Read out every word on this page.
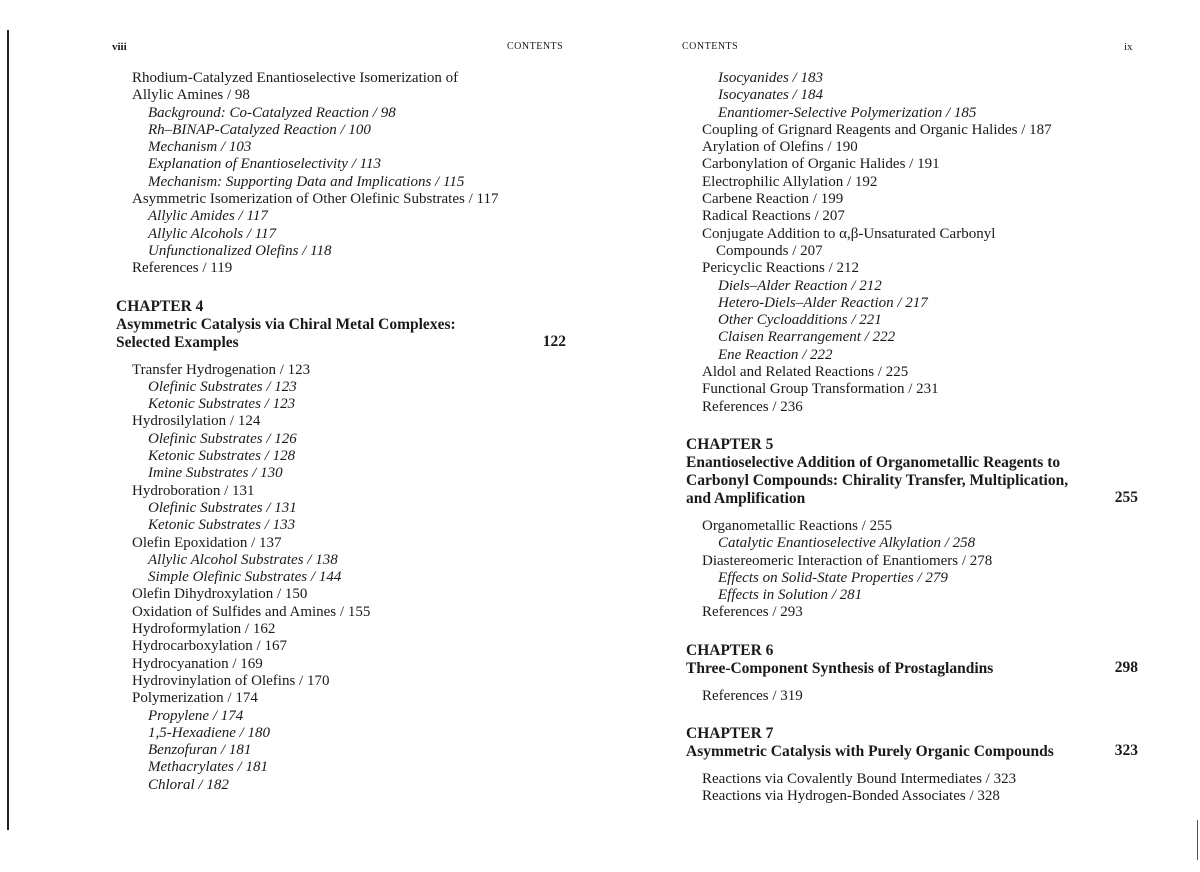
viii	CONTENTS
Rhodium-Catalyzed Enantioselective Isomerization of
Allylic Amines / 98
Background: Co-Catalyzed Reaction / 98
Rh–BINAP-Catalyzed Reaction / 100
Mechanism / 103
Explanation of Enantioselectivity / 113
Mechanism: Supporting Data and Implications / 115
Asymmetric Isomerization of Other Olefinic Substrates / 117
Allylic Amides / 117
Allylic Alcohols / 117
Unfunctionalized Olefins / 118
References / 119
CHAPTER 4
Asymmetric Catalysis via Chiral Metal Complexes:
Selected Examples	122
Transfer Hydrogenation / 123
Olefinic Substrates / 123
Ketonic Substrates / 123
Hydrosilylation / 124
Olefinic Substrates / 126
Ketonic Substrates / 128
Imine Substrates / 130
Hydroboration / 131
Olefinic Substrates / 131
Ketonic Substrates / 133
Olefin Epoxidation / 137
Allylic Alcohol Substrates / 138
Simple Olefinic Substrates / 144
Olefin Dihydroxylation / 150
Oxidation of Sulfides and Amines / 155
Hydroformylation / 162
Hydrocarboxylation / 167
Hydrocyanation / 169
Hydrovinylation of Olefins / 170
Polymerization / 174
Propylene / 174
1,5-Hexadiene / 180
Benzofuran / 181
Methacrylates / 181
Chloral / 182
CONTENTS	ix
Isocyanides / 183
Isocyanates / 184
Enantiomer-Selective Polymerization / 185
Coupling of Grignard Reagents and Organic Halides / 187
Arylation of Olefins / 190
Carbonylation of Organic Halides / 191
Electrophilic Allylation / 192
Carbene Reaction / 199
Radical Reactions / 207
Conjugate Addition to α,β-Unsaturated Carbonyl
Compounds / 207
Pericyclic Reactions / 212
Diels–Alder Reaction / 212
Hetero-Diels–Alder Reaction / 217
Other Cycloadditions / 221
Claisen Rearrangement / 222
Ene Reaction / 222
Aldol and Related Reactions / 225
Functional Group Transformation / 231
References / 236
CHAPTER 5
Enantioselective Addition of Organometallic Reagents to
Carbonyl Compounds: Chirality Transfer, Multiplication,
and Amplification	255
Organometallic Reactions / 255
Catalytic Enantioselective Alkylation / 258
Diastereomeric Interaction of Enantiomers / 278
Effects on Solid-State Properties / 279
Effects in Solution / 281
References / 293
CHAPTER 6
Three-Component Synthesis of Prostaglandins	298
References / 319
CHAPTER 7
Asymmetric Catalysis with Purely Organic Compounds	323
Reactions via Covalently Bound Intermediates / 323
Reactions via Hydrogen-Bonded Associates / 328
